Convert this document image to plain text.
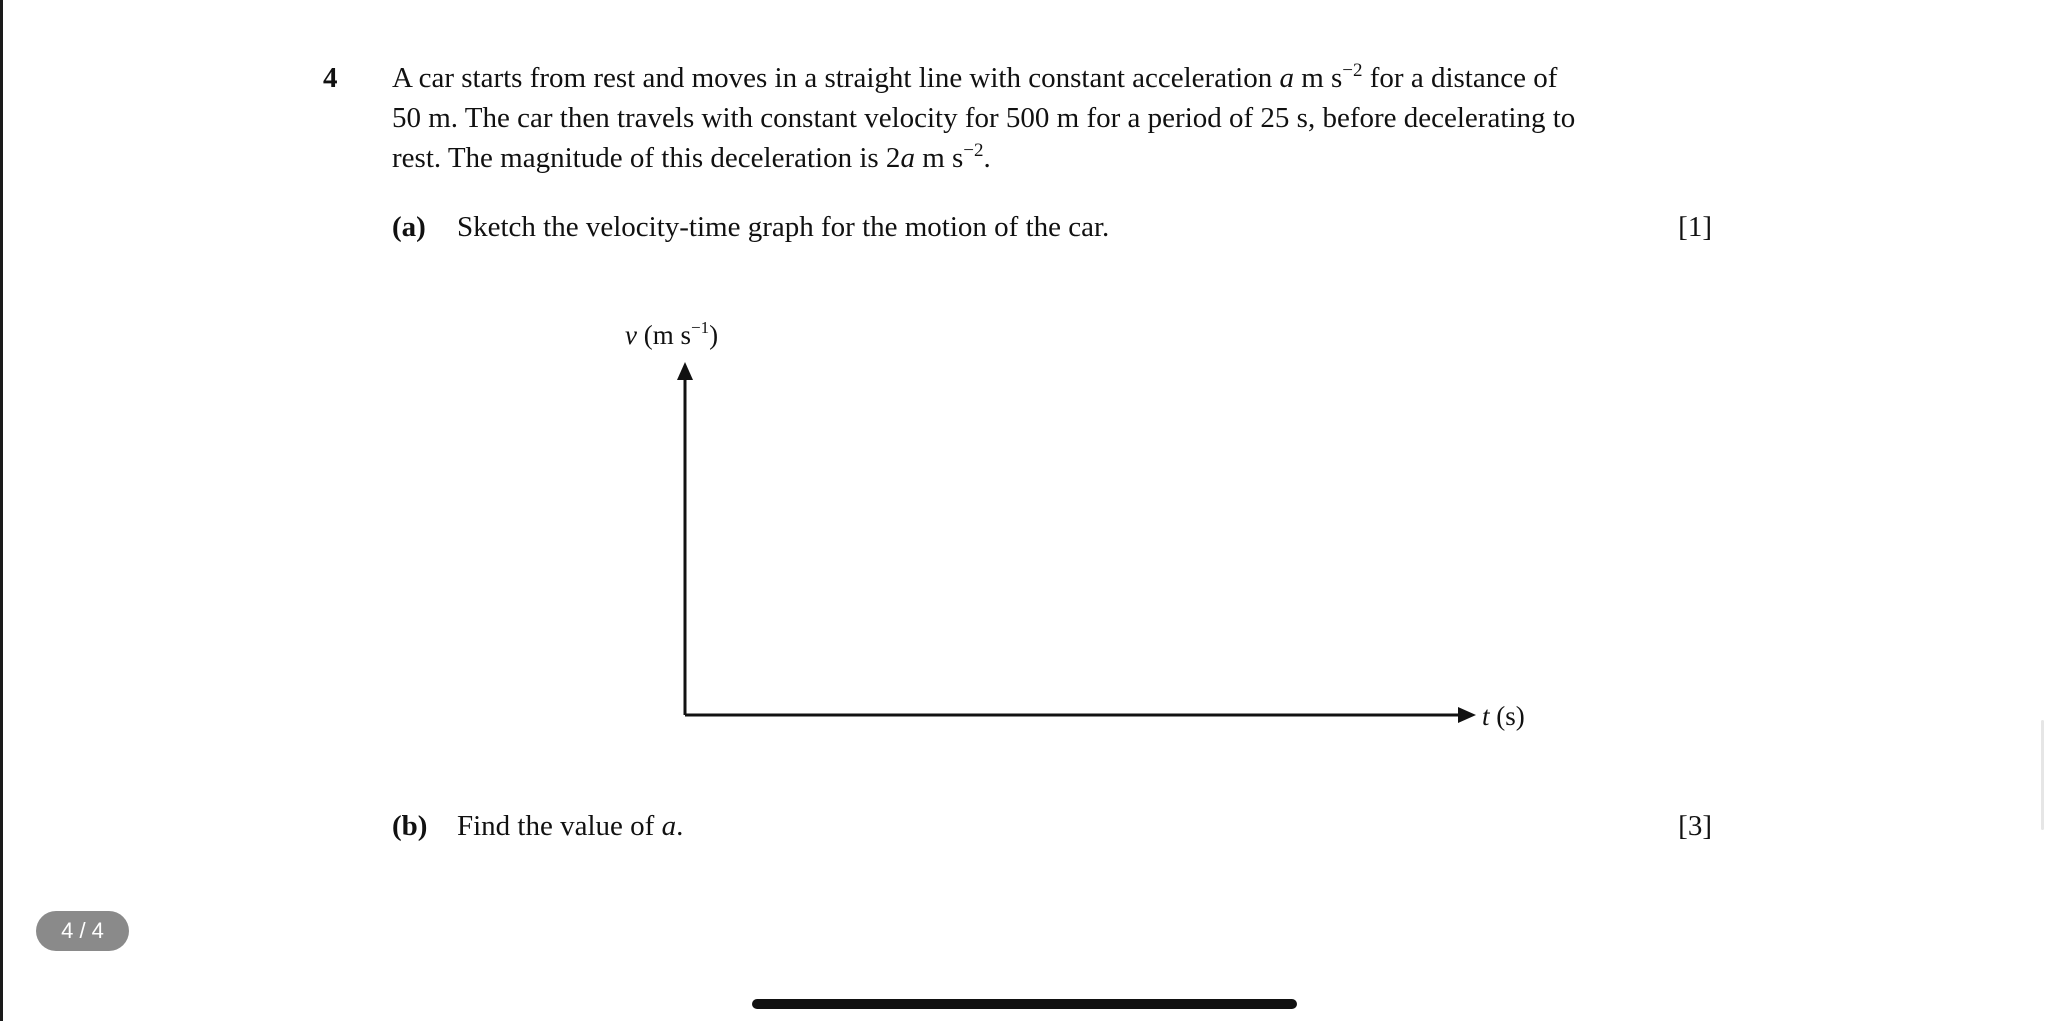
4 A car starts from rest and moves in a straight line with constant acceleration a m $s^{-2}$ for a distance of
50 m. The car then travels with constant velocity for 500 m for a period of 25 s, before decelerating to
rest. The magnitude of this deceleration is 2a m $s^{-2}$.
(a) Sketch the velocity-time graph for the motion of the car.	[1]
v (m $s^{-1}$)
t (s)
(b) Find the value of a.	[3]
4 / 4
